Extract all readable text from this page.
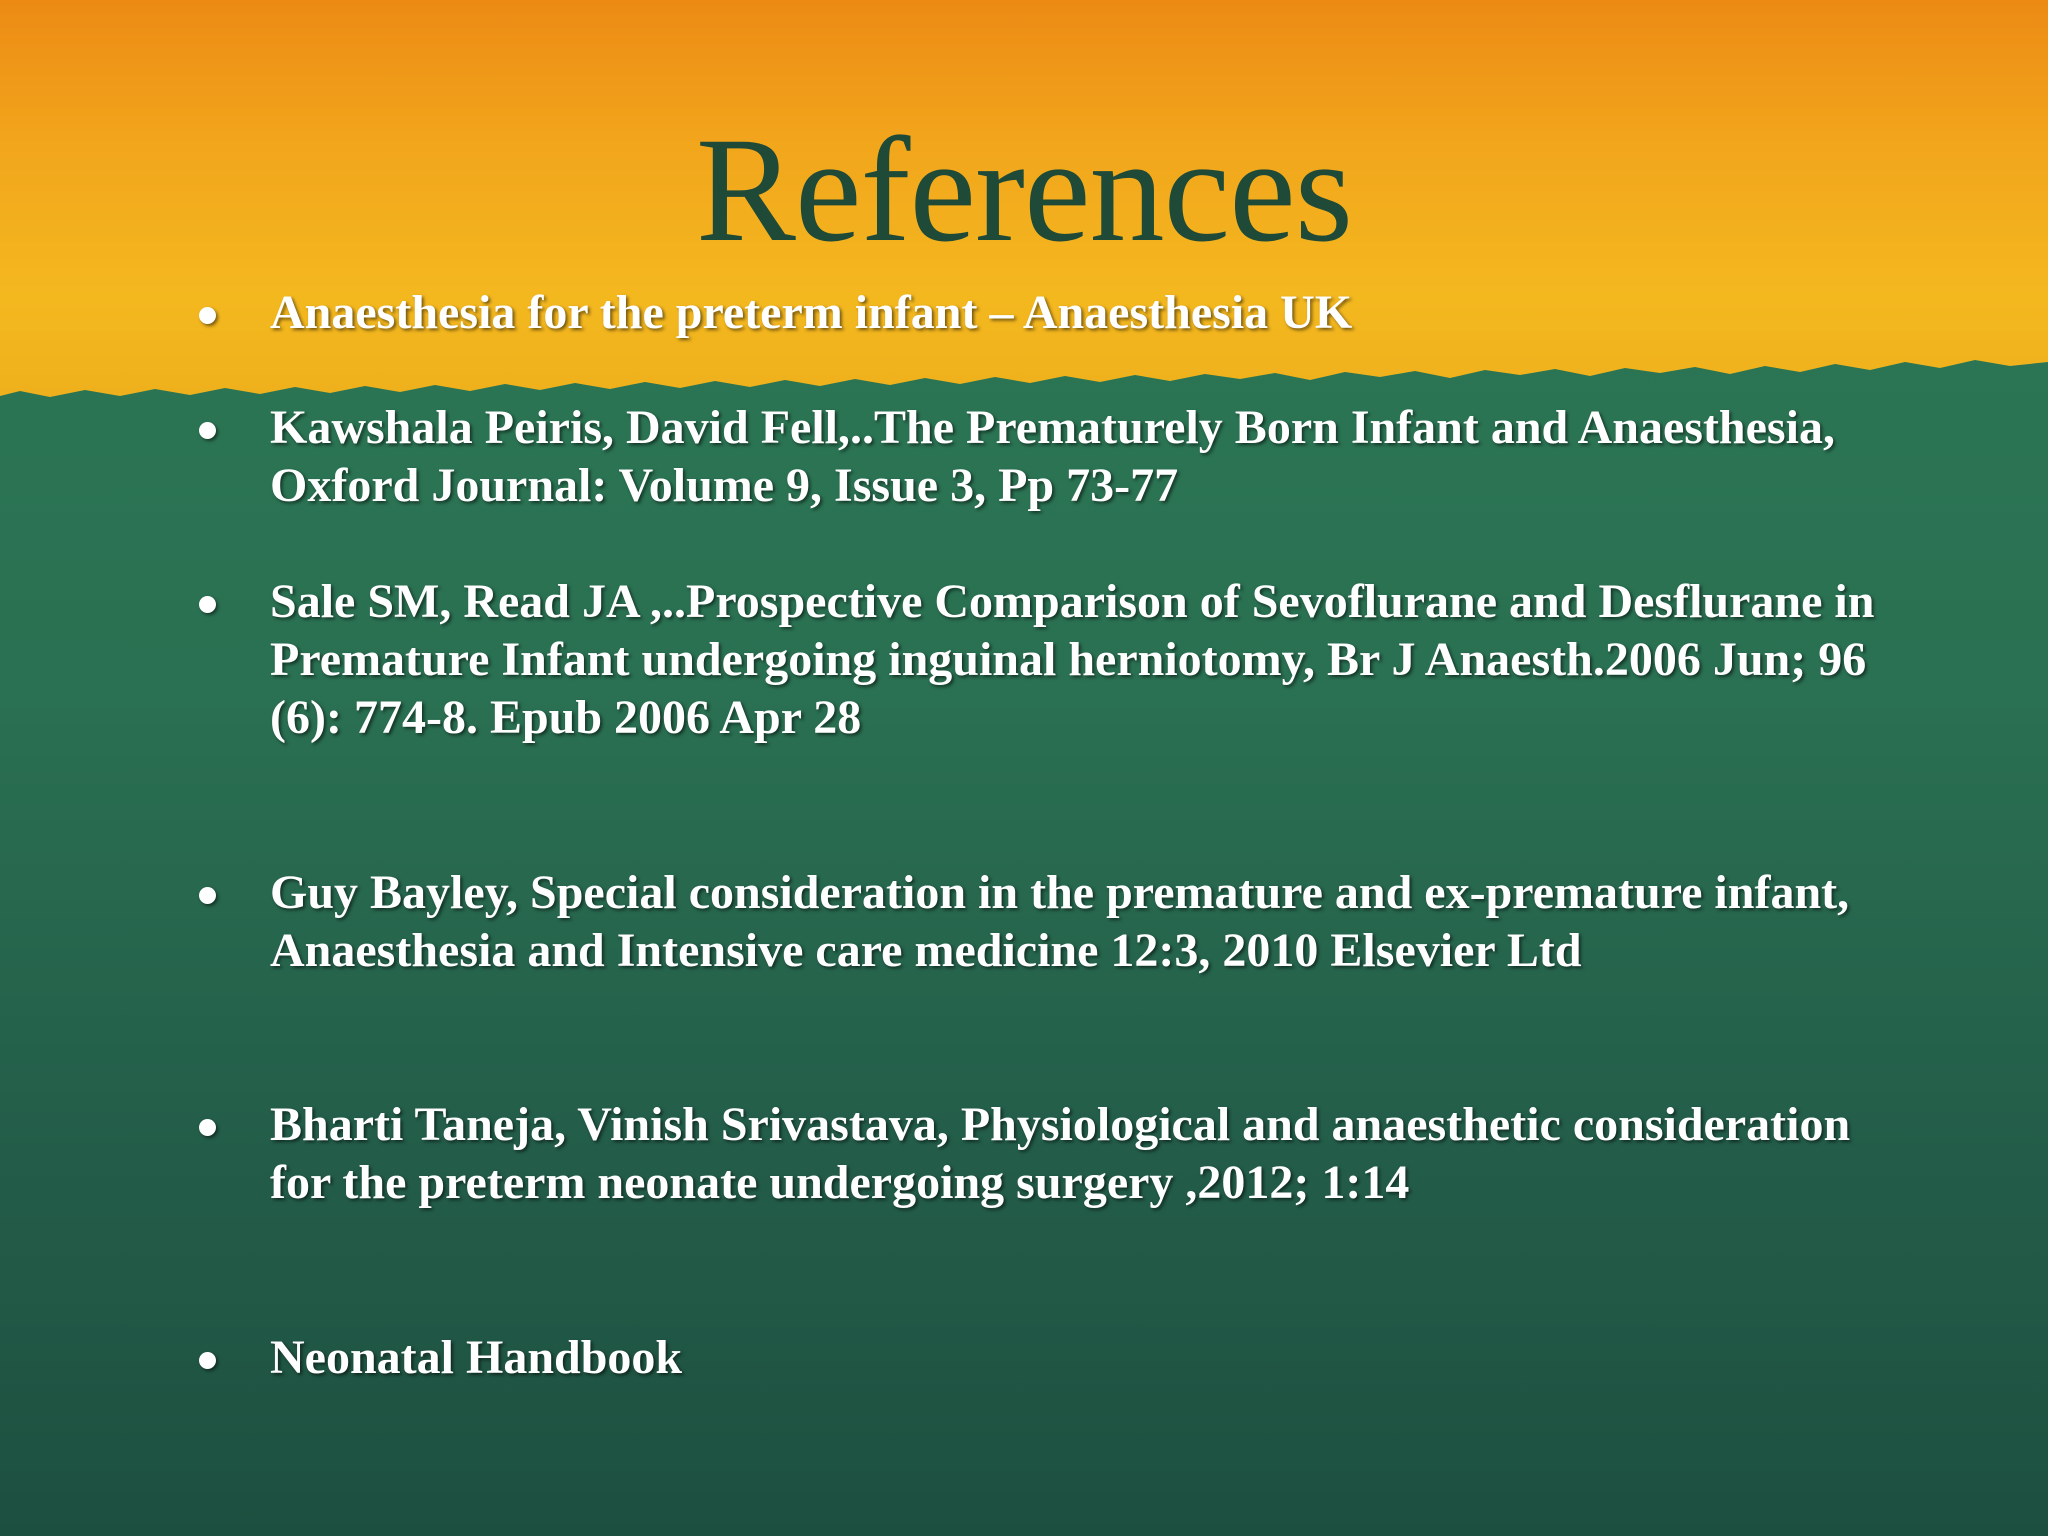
References
Anaesthesia for the preterm infant – Anaesthesia UK
Kawshala Peiris, David Fell,..The Prematurely Born Infant and Anaesthesia, Oxford Journal: Volume 9, Issue 3, Pp 73-77
Sale SM, Read JA ,..Prospective Comparison of Sevoflurane and Desflurane in Premature Infant undergoing inguinal herniotomy, Br J Anaesth.2006 Jun; 96 (6): 774-8. Epub 2006 Apr 28
Guy Bayley, Special consideration in the premature and ex-premature infant, Anaesthesia and Intensive care medicine 12:3, 2010 Elsevier Ltd
Bharti Taneja, Vinish Srivastava, Physiological and anaesthetic consideration for the preterm neonate undergoing surgery ,2012; 1:14
Neonatal Handbook
